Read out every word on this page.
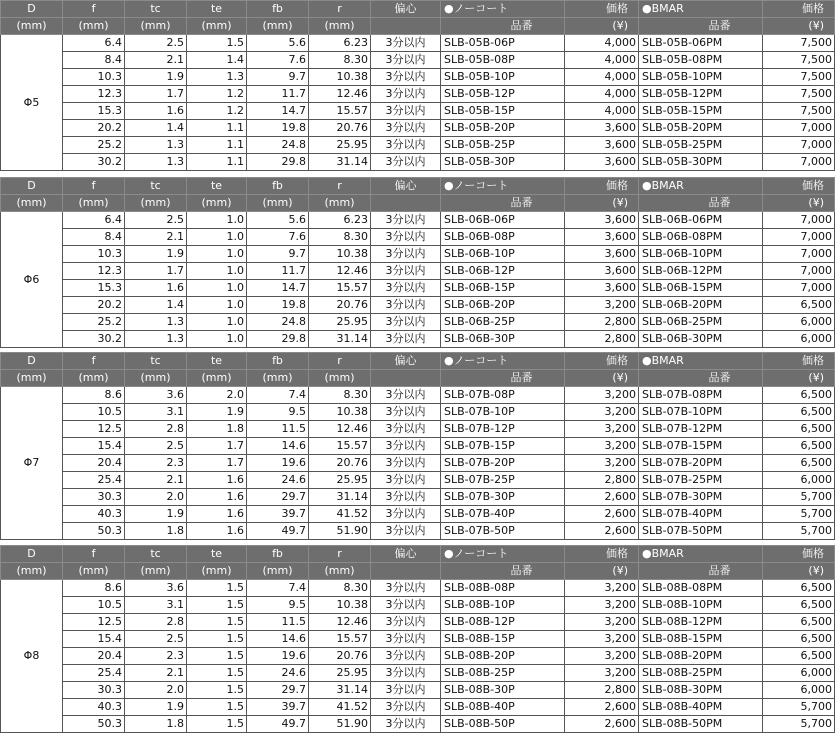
D	f	tc	te	fb	r	偏心	●ノーコート	価格	●BMAR	価格
(mm)	(mm)	(mm)	(mm)	(mm)	(mm)		品番	(¥)	品番	(¥)
Φ5	6.4	2.5	1.5	5.6	6.23	3分以内	SLB-05B-06P	4,000	SLB-05B-06PM	7,500
	8.4	2.1	1.4	7.6	8.30	3分以内	SLB-05B-08P	4,000	SLB-05B-08PM	7,500
	10.3	1.9	1.3	9.7	10.38	3分以内	SLB-05B-10P	4,000	SLB-05B-10PM	7,500
	12.3	1.7	1.2	11.7	12.46	3分以内	SLB-05B-12P	4,000	SLB-05B-12PM	7,500
	15.3	1.6	1.2	14.7	15.57	3分以内	SLB-05B-15P	4,000	SLB-05B-15PM	7,500
	20.2	1.4	1.1	19.8	20.76	3分以内	SLB-05B-20P	3,600	SLB-05B-20PM	7,000
	25.2	1.3	1.1	24.8	25.95	3分以内	SLB-05B-25P	3,600	SLB-05B-25PM	7,000
	30.2	1.3	1.1	29.8	31.14	3分以内	SLB-05B-30P	3,600	SLB-05B-30PM	7,000
D	f	tc	te	fb	r	偏心	●ノーコート	価格	●BMAR	価格
(mm)	(mm)	(mm)	(mm)	(mm)	(mm)		品番	(¥)	品番	(¥)
Φ6	6.4	2.5	1.0	5.6	6.23	3分以内	SLB-06B-06P	3,600	SLB-06B-06PM	7,000
	8.4	2.1	1.0	7.6	8.30	3分以内	SLB-06B-08P	3,600	SLB-06B-08PM	7,000
	10.3	1.9	1.0	9.7	10.38	3分以内	SLB-06B-10P	3,600	SLB-06B-10PM	7,000
	12.3	1.7	1.0	11.7	12.46	3分以内	SLB-06B-12P	3,600	SLB-06B-12PM	7,000
	15.3	1.6	1.0	14.7	15.57	3分以内	SLB-06B-15P	3,600	SLB-06B-15PM	7,000
	20.2	1.4	1.0	19.8	20.76	3分以内	SLB-06B-20P	3,200	SLB-06B-20PM	6,500
	25.2	1.3	1.0	24.8	25.95	3分以内	SLB-06B-25P	2,800	SLB-06B-25PM	6,000
	30.2	1.3	1.0	29.8	31.14	3分以内	SLB-06B-30P	2,800	SLB-06B-30PM	6,000
D	f	tc	te	fb	r	偏心	●ノーコート	価格	●BMAR	価格
(mm)	(mm)	(mm)	(mm)	(mm)	(mm)		品番	(¥)	品番	(¥)
Φ7	8.6	3.6	2.0	7.4	8.30	3分以内	SLB-07B-08P	3,200	SLB-07B-08PM	6,500
	10.5	3.1	1.9	9.5	10.38	3分以内	SLB-07B-10P	3,200	SLB-07B-10PM	6,500
	12.5	2.8	1.8	11.5	12.46	3分以内	SLB-07B-12P	3,200	SLB-07B-12PM	6,500
	15.4	2.5	1.7	14.6	15.57	3分以内	SLB-07B-15P	3,200	SLB-07B-15PM	6,500
	20.4	2.3	1.7	19.6	20.76	3分以内	SLB-07B-20P	3,200	SLB-07B-20PM	6,500
	25.4	2.1	1.6	24.6	25.95	3分以内	SLB-07B-25P	2,800	SLB-07B-25PM	6,000
	30.3	2.0	1.6	29.7	31.14	3分以内	SLB-07B-30P	2,600	SLB-07B-30PM	5,700
	40.3	1.9	1.6	39.7	41.52	3分以内	SLB-07B-40P	2,600	SLB-07B-40PM	5,700
	50.3	1.8	1.6	49.7	51.90	3分以内	SLB-07B-50P	2,600	SLB-07B-50PM	5,700
D	f	tc	te	fb	r	偏心	●ノーコート	価格	●BMAR	価格
(mm)	(mm)	(mm)	(mm)	(mm)	(mm)		品番	(¥)	品番	(¥)
Φ8	8.6	3.6	1.5	7.4	8.30	3分以内	SLB-08B-08P	3,200	SLB-08B-08PM	6,500
	10.5	3.1	1.5	9.5	10.38	3分以内	SLB-08B-10P	3,200	SLB-08B-10PM	6,500
	12.5	2.8	1.5	11.5	12.46	3分以内	SLB-08B-12P	3,200	SLB-08B-12PM	6,500
	15.4	2.5	1.5	14.6	15.57	3分以内	SLB-08B-15P	3,200	SLB-08B-15PM	6,500
	20.4	2.3	1.5	19.6	20.76	3分以内	SLB-08B-20P	3,200	SLB-08B-20PM	6,500
	25.4	2.1	1.5	24.6	25.95	3分以内	SLB-08B-25P	3,200	SLB-08B-25PM	6,000
	30.3	2.0	1.5	29.7	31.14	3分以内	SLB-08B-30P	2,800	SLB-08B-30PM	6,000
	40.3	1.9	1.5	39.7	41.52	3分以内	SLB-08B-40P	2,600	SLB-08B-40PM	5,700
	50.3	1.8	1.5	49.7	51.90	3分以内	SLB-08B-50P	2,600	SLB-08B-50PM	5,700
